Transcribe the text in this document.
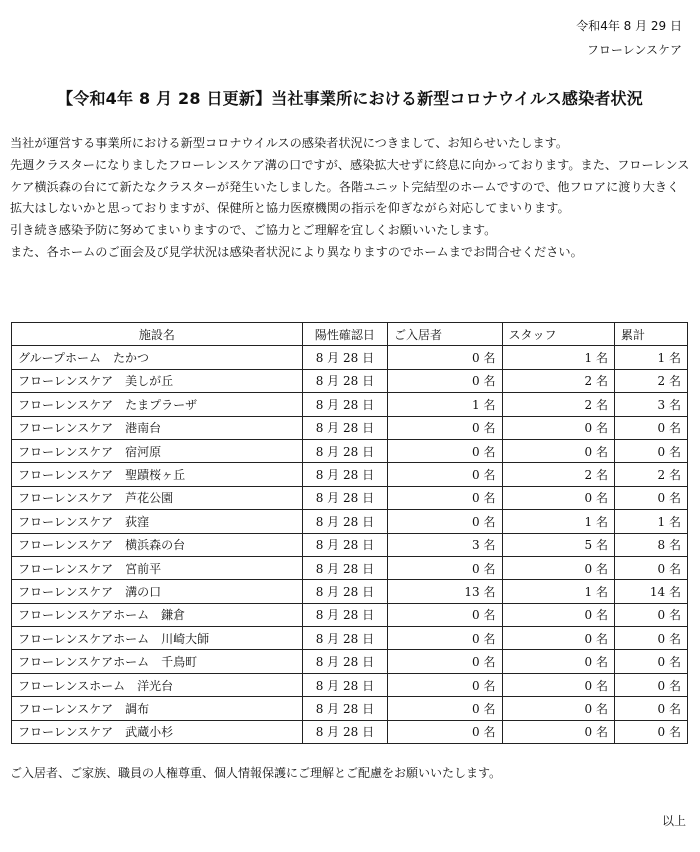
令和4年 8 月 29 日
フローレンスケア
【令和4年 8 月 28 日更新】当社事業所における新型コロナウイルス感染者状況

当社が運営する事業所における新型コロナウイルスの感染者状況につきまして、お知らせいたします。

先週クラスターになりましたフローレンスケア溝の口ですが、感染拡大せずに終息に向かっております。また、フローレンスケア横浜森の台にて新たなクラスターが発生いたしました。各階ユニット完結型のホームですので、他フロアに渡り大きく拡大はしないかと思っておりますが、保健所と協力医療機関の指示を仰ぎながら対応してまいります。

引き続き感染予防に努めてまいりますので、ご協力とご理解を宜しくお願いいたします。

また、各ホームのご面会及び見学状況は感染者状況により異なりますのでホームまでお問合せください。

施設名	陽性確認日	ご入居者	スタッフ	累計
グループホーム　たかつ	8 月 28 日	0 名	1 名	1 名
フローレンスケア　美しが丘	8 月 28 日	0 名	2 名	2 名
フローレンスケア　たまプラーザ	8 月 28 日	1 名	2 名	3 名
フローレンスケア　港南台	8 月 28 日	0 名	0 名	0 名
フローレンスケア　宿河原	8 月 28 日	0 名	0 名	0 名
フローレンスケア　聖蹟桜ヶ丘	8 月 28 日	0 名	2 名	2 名
フローレンスケア　芦花公園	8 月 28 日	0 名	0 名	0 名
フローレンスケア　荻窪	8 月 28 日	0 名	1 名	1 名
フローレンスケア　横浜森の台	8 月 28 日	3 名	5 名	8 名
フローレンスケア　宮前平	8 月 28 日	0 名	0 名	0 名
フローレンスケア　溝の口	8 月 28 日	13 名	1 名	14 名
フローレンスケアホーム　鎌倉	8 月 28 日	0 名	0 名	0 名
フローレンスケアホーム　川崎大師	8 月 28 日	0 名	0 名	0 名
フローレンスケアホーム　千鳥町	8 月 28 日	0 名	0 名	0 名
フローレンスホーム　洋光台	8 月 28 日	0 名	0 名	0 名
フローレンスケア　調布	8 月 28 日	0 名	0 名	0 名
フローレンスケア　武蔵小杉	8 月 28 日	0 名	0 名	0 名
ご入居者、ご家族、職員の人権尊重、個人情報保護にご理解とご配慮をお願いいたします。
以上
